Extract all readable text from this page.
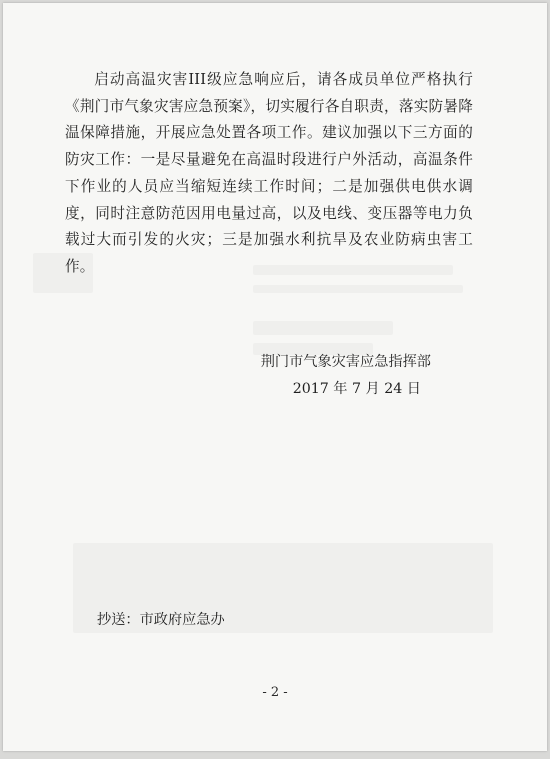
启动高温灾害III级应急响应后，请各成员单位严格执行《荆门市气象灾害应急预案》，切实履行各自职责，落实防暑降温保障措施，开展应急处置各项工作。建议加强以下三方面的防灾工作：一是尽量避免在高温时段进行户外活动，高温条件下作业的人员应当缩短连续工作时间；二是加强供电供水调度，同时注意防范因用电量过高，以及电线、变压器等电力负载过大而引发的火灾；三是加强水利抗旱及农业防病虫害工作。

荆门市气象灾害应急指挥部
2017 年 7 月 24 日
抄送：市政府应急办
- 2 -
